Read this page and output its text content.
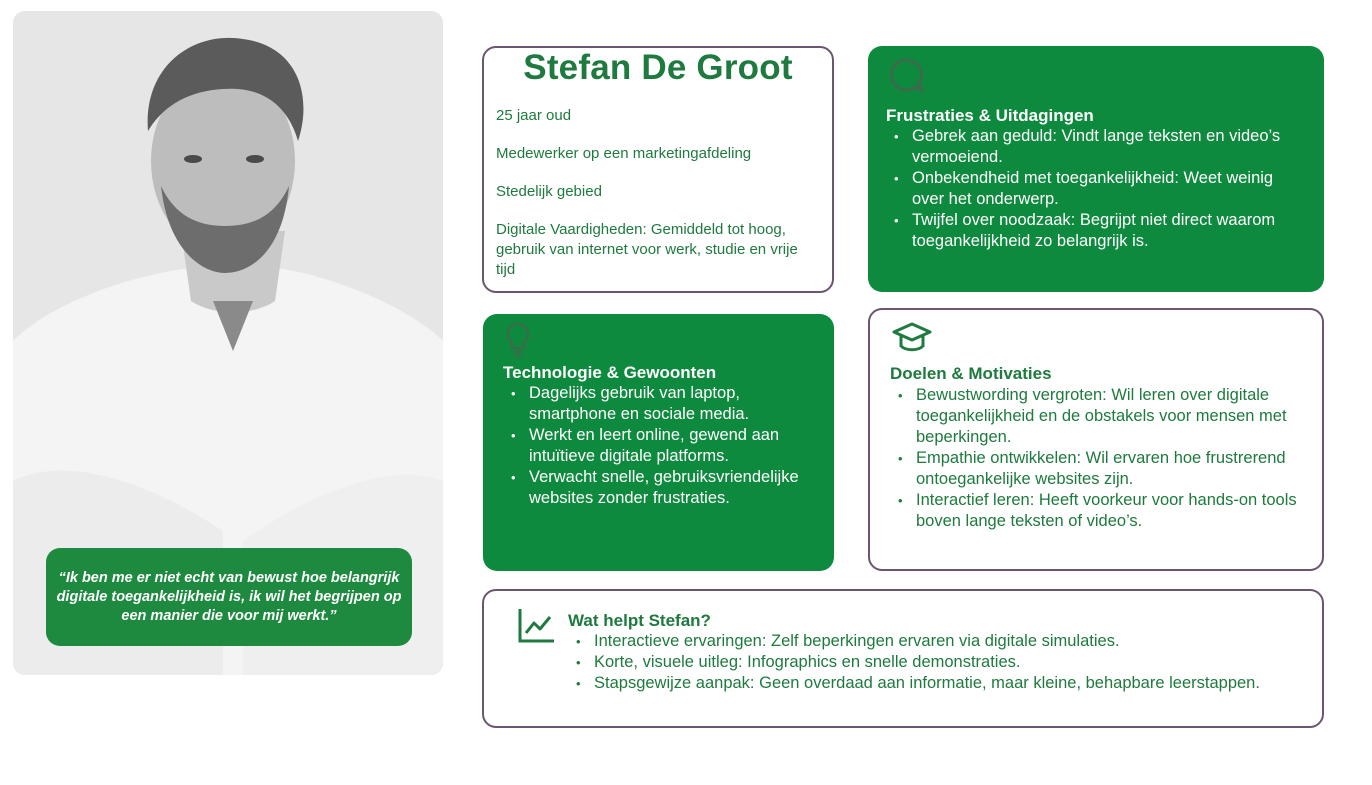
“Ik ben me er niet echt van bewust hoe belangrijk digitale toegankelijkheid is, ik wil het begrijpen op een manier die voor mij werkt.”
Stefan De Groot
25 jaar oud
Medewerker op een marketingafdeling
Stedelijk gebied
Digitale Vaardigheden: Gemiddeld tot hoog, gebruik van internet voor werk, studie en vrije tijd
Frustraties & Uitdagingen
• Gebrek aan geduld: Vindt lange teksten en video’s vermoeiend.
• Onbekendheid met toegankelijkheid: Weet weinig over het onderwerp.
• Twijfel over noodzaak: Begrijpt niet direct waarom toegankelijkheid zo belangrijk is.
Technologie & Gewoonten
• Dagelijks gebruik van laptop, smartphone en sociale media.
• Werkt en leert online, gewend aan intuïtieve digitale platforms.
• Verwacht snelle, gebruiksvriendelijke websites zonder frustraties.
Doelen & Motivaties
• Bewustwording vergroten: Wil leren over digitale toegankelijkheid en de obstakels voor mensen met beperkingen.
• Empathie ontwikkelen: Wil ervaren hoe frustrerend ontoegankelijke websites zijn.
• Interactief leren: Heeft voorkeur voor hands-on tools boven lange teksten of video’s.
Wat helpt Stefan?
• Interactieve ervaringen: Zelf beperkingen ervaren via digitale simulaties.
• Korte, visuele uitleg: Infographics en snelle demonstraties.
• Stapsgewijze aanpak: Geen overdaad aan informatie, maar kleine, behapbare leerstappen.
